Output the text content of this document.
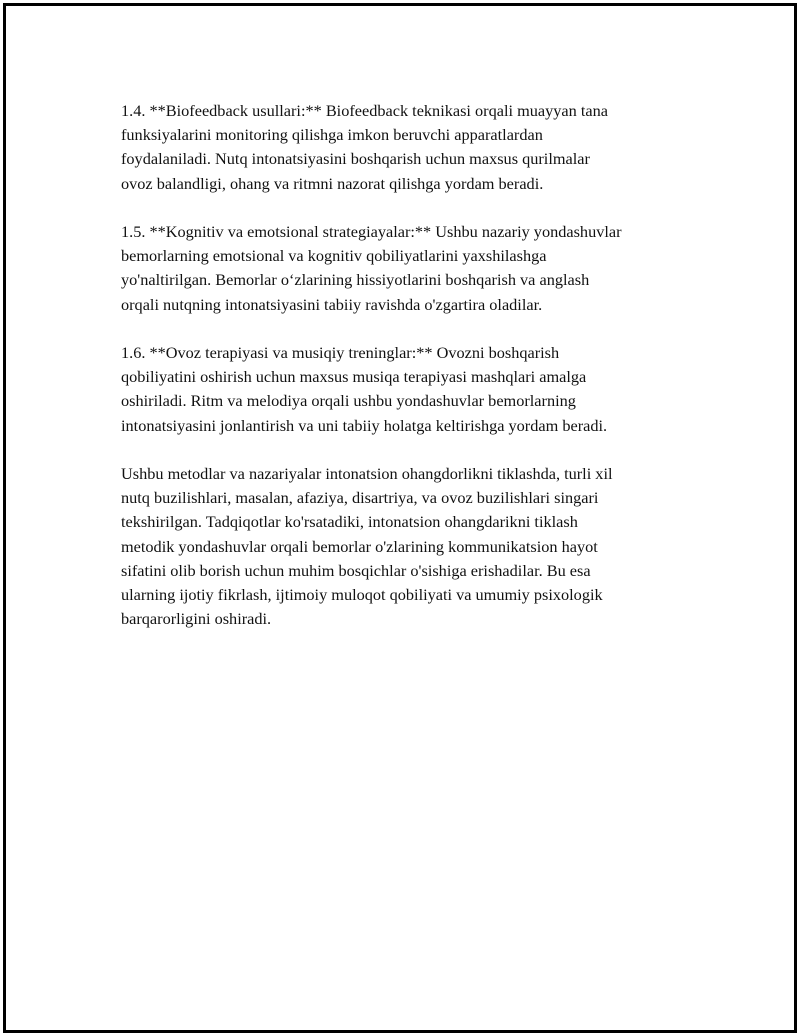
1.4. **Biofeedback usullari:** Biofeedback teknikasi orqali muayyan tana
funksiyalarini monitoring qilishga imkon beruvchi apparatlardan
foydalaniladi. Nutq intonatsiyasini boshqarish uchun maxsus qurilmalar
ovoz balandligi, ohang va ritmni nazorat qilishga yordam beradi.

1.5. **Kognitiv va emotsional strategiayalar:** Ushbu nazariy yondashuvlar
bemorlarning emotsional va kognitiv qobiliyatlarini yaxshilashga
yo'naltirilgan. Bemorlar o‘zlarining hissiyotlarini boshqarish va anglash
orqali nutqning intonatsiyasini tabiiy ravishda o'zgartira oladilar.

1.6. **Ovoz terapiyasi va musiqiy treninglar:** Ovozni boshqarish
qobiliyatini oshirish uchun maxsus musiqa terapiyasi mashqlari amalga
oshiriladi. Ritm va melodiya orqali ushbu yondashuvlar bemorlarning
intonatsiyasini jonlantirish va uni tabiiy holatga keltirishga yordam beradi.

Ushbu metodlar va nazariyalar intonatsion ohangdorlikni tiklashda, turli xil
nutq buzilishlari, masalan, afaziya, disartriya, va ovoz buzilishlari singari
tekshirilgan. Tadqiqotlar ko'rsatadiki, intonatsion ohangdarikni tiklash
metodik yondashuvlar orqali bemorlar o'zlarining kommunikatsion hayot
sifatini olib borish uchun muhim bosqichlar o'sishiga erishadilar. Bu esa
ularning ijotiy fikrlash, ijtimoiy muloqot qobiliyati va umumiy psixologik
barqarorligini oshiradi.
